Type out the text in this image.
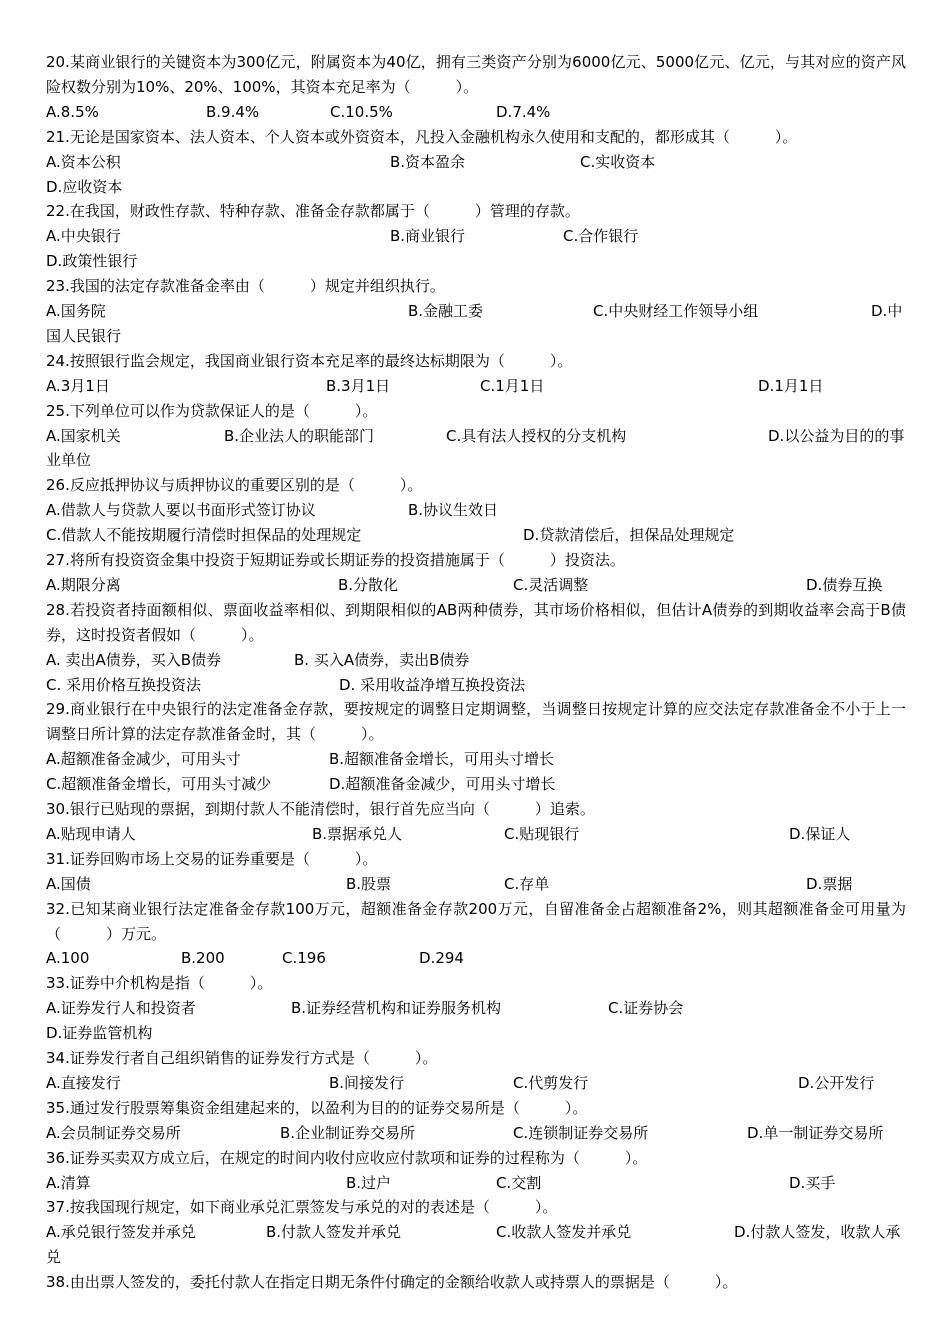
20.某商业银行的关键资本为300亿元，附属资本为40亿，拥有三类资产分别为6000亿元、5000亿元、亿元，与其对应的资产风险权数分别为10%、20%、100%，其资本充足率为（　　　）。

A.8.5%	B.9.4%	C.10.5%	D.7.4%

21.无论是国家资本、法人资本、个人资本或外资资本，凡投入金融机构永久使用和支配的，都形成其（　　　）。

A.资本公积	B.资本盈余	C.实收资本
D.应收资本

22.在我国，财政性存款、特种存款、准备金存款都属于（　　　）管理的存款。

A.中央银行	B.商业银行	C.合作银行
D.政策性银行

23.我国的法定存款准备金率由（　　　）规定并组织执行。

A.国务院	B.金融工委	C.中央财经工作领导小组	D.中国人民银行

24.按照银行监会规定，我国商业银行资本充足率的最终达标期限为（　　　）。

A.3月1日	B.3月1日	C.1月1日	D.1月1日

25.下列单位可以作为贷款保证人的是（　　　）。

A.国家机关	B.企业法人的职能部门	C.具有法人授权的分支机构	D.以公益为目的的事业单位

26.反应抵押协议与质押协议的重要区别的是（　　　）。

A.借款人与贷款人要以书面形式签订协议	B.协议生效日
C.借款人不能按期履行清偿时担保品的处理规定	D.贷款清偿后，担保品处理规定

27.将所有投资资金集中投资于短期证券或长期证券的投资措施属于（　　　）投资法。

A.期限分离	B.分散化	C.灵活调整	D.债券互换

28.若投资者持面额相似、票面收益率相似、到期限相似的AB两种债券，其市场价格相似，但估计A债券的到期收益率会高于B债券，这时投资者假如（　　　）。

A. 卖出A债券，买入B债券	B. 买入A债券，卖出B债券
C. 采用价格互换投资法	D. 采用收益净增互换投资法

29.商业银行在中央银行的法定准备金存款，要按规定的调整日定期调整，当调整日按规定计算的应交法定存款准备金不小于上一调整日所计算的法定存款准备金时，其（　　　）。

A.超额准备金减少，可用头寸	B.超额准备金增长，可用头寸增长
C.超额准备金增长，可用头寸减少	D.超额准备金减少，可用头寸增长

30.银行已贴现的票据，到期付款人不能清偿时，银行首先应当向（　　　）追索。

A.贴现申请人	B.票据承兑人	C.贴现银行	D.保证人

31.证券回购市场上交易的证券重要是（　　　）。

A.国债	B.股票	C.存单	D.票据

32.已知某商业银行法定准备金存款100万元，超额准备金存款200万元，自留准备金占超额准备2%，则其超额准备金可用量为（　　　）万元。

A.100	B.200	C.196	D.294

33.证券中介机构是指（　　　）。

A.证券发行人和投资者	B.证券经营机构和证券服务机构	C.证券协会
D.证券监管机构

34.证券发行者自己组织销售的证券发行方式是（　　　）。

A.直接发行	B.间接发行	C.代剪发行	D.公开发行

35.通过发行股票筹集资金组建起来的，以盈利为目的的证券交易所是（　　　）。

A.会员制证券交易所	B.企业制证券交易所	C.连锁制证券交易所	D.单一制证券交易所

36.证券买卖双方成立后，在规定的时间内收付应收应付款项和证券的过程称为（　　　）。

A.清算	B.过户	C.交割	D.买手

37.按我国现行规定，如下商业承兑汇票签发与承兑的对的表述是（　　　）。

A.承兑银行签发并承兑	B.付款人签发并承兑	C.收款人签发并承兑	D.付款人签发，收款人承兑

38.由出票人签发的，委托付款人在指定日期无条件付确定的金额给收款人或持票人的票据是（　　　）。
